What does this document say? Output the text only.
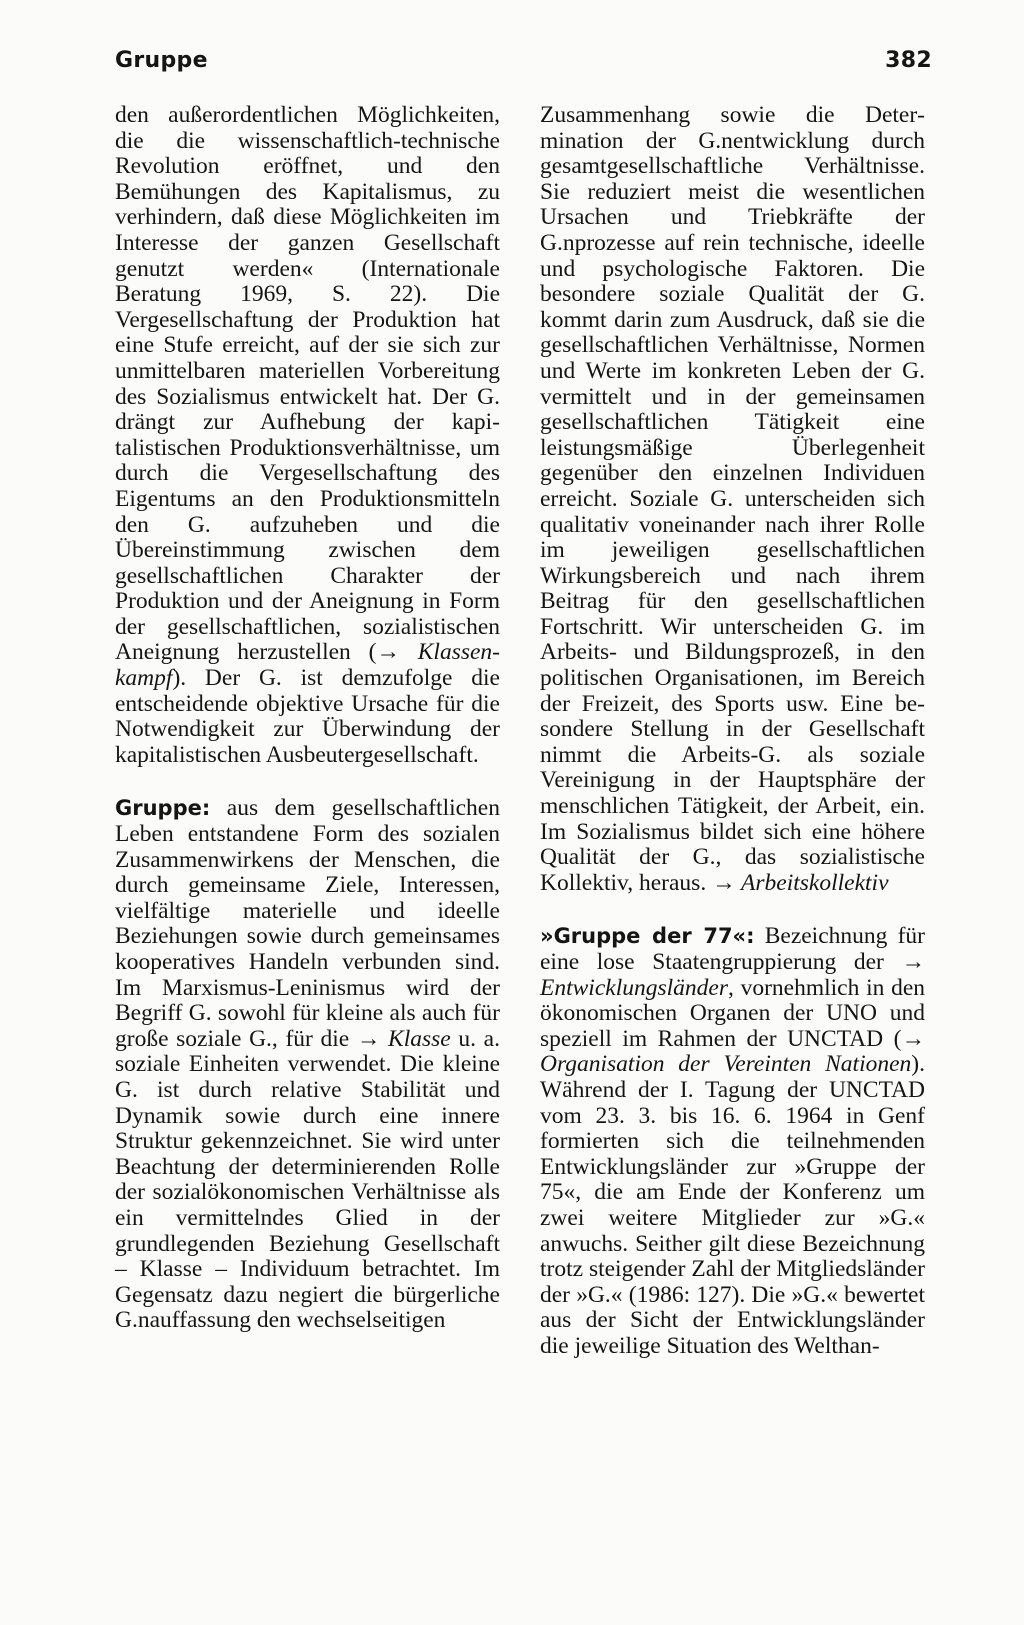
Gruppe	382

den außerordentlichen Möglichkeiten, die die wissenschaftlich-technische Revolution eröffnet, und den Bemühungen des Kapitalismus, zu verhindern, daß diese Möglichkeiten im Interesse der ganzen Gesellschaft genutzt werden« (Internationale Beratung 1969, S. 22). Die Vergesellschaftung der Produktion hat eine Stufe erreicht, auf der sie sich zur unmittelbaren materiellen Vorbereitung des Sozialismus entwickelt hat. Der G. drängt zur Aufhebung der kapitalistischen Produktionsverhältnisse, um durch die Vergesellschaftung des Eigentums an den Produktionsmitteln den G. aufzuheben und die Übereinstimmung zwischen dem gesellschaftlichen Charakter der Produktion und der Aneignung in Form der gesellschaftlichen, sozialistischen Aneignung herzustellen (→ Klassenkampf). Der G. ist demzufolge die entscheidende objektive Ursache für die Notwendigkeit zur Überwindung der kapitalistischen Ausbeutergesellschaft.

Gruppe: aus dem gesellschaftlichen Leben entstandene Form des sozialen Zusammenwirkens der Menschen, die durch gemeinsame Ziele, Interessen, vielfältige materielle und ideelle Beziehungen sowie durch gemeinsames kooperatives Handeln verbunden sind. Im Marxismus-Leninismus wird der Begriff G. sowohl für kleine als auch für große soziale G., für die → Klasse u. a. soziale Einheiten verwendet. Die kleine G. ist durch relative Stabilität und Dynamik sowie durch eine innere Struktur gekennzeichnet. Sie wird unter Beachtung der determinierenden Rolle der sozialökonomischen Verhältnisse als ein vermittelndes Glied in der grundlegenden Beziehung Gesellschaft – Klasse – Individuum betrachtet. Im Gegensatz dazu negiert die bürgerliche G.nauffassung den wechselseitigen

Zusammenhang sowie die Determination der G.nentwicklung durch gesamtgesellschaftliche Verhältnisse. Sie reduziert meist die wesentlichen Ursachen und Triebkräfte der G.nprozesse auf rein technische, ideelle und psychologische Faktoren. Die besondere soziale Qualität der G. kommt darin zum Ausdruck, daß sie die gesellschaftlichen Verhältnisse, Normen und Werte im konkreten Leben der G. vermittelt und in der gemeinsamen gesellschaftlichen Tätigkeit eine leistungsmäßige Überlegenheit gegenüber den einzelnen Individuen erreicht. Soziale G. unterscheiden sich qualitativ voneinander nach ihrer Rolle im jeweiligen gesellschaftlichen Wirkungsbereich und nach ihrem Beitrag für den gesellschaftlichen Fortschritt. Wir unterscheiden G. im Arbeits- und Bildungsprozeß, in den politischen Organisationen, im Bereich der Freizeit, des Sports usw. Eine besondere Stellung in der Gesellschaft nimmt die Arbeits-G. als soziale Vereinigung in der Hauptsphäre der menschlichen Tätigkeit, der Arbeit, ein. Im Sozialismus bildet sich eine höhere Qualität der G., das sozialistische Kollektiv, heraus. → Arbeitskollektiv

»Gruppe der 77«: Bezeichnung für eine lose Staatengruppierung der → Entwicklungsländer, vornehmlich in den ökonomischen Organen der UNO und speziell im Rahmen der UNCTAD (→ Organisation der Vereinten Nationen). Während der I. Tagung der UNCTAD vom 23. 3. bis 16. 6. 1964 in Genf formierten sich die teilnehmenden Entwicklungsländer zur »Gruppe der 75«, die am Ende der Konferenz um zwei weitere Mitglieder zur »G.« anwuchs. Seither gilt diese Bezeichnung trotz steigender Zahl der Mitgliedsländer der »G.« (1986: 127). Die »G.« bewertet aus der Sicht der Entwicklungsländer die jeweilige Situation des Welthan-
